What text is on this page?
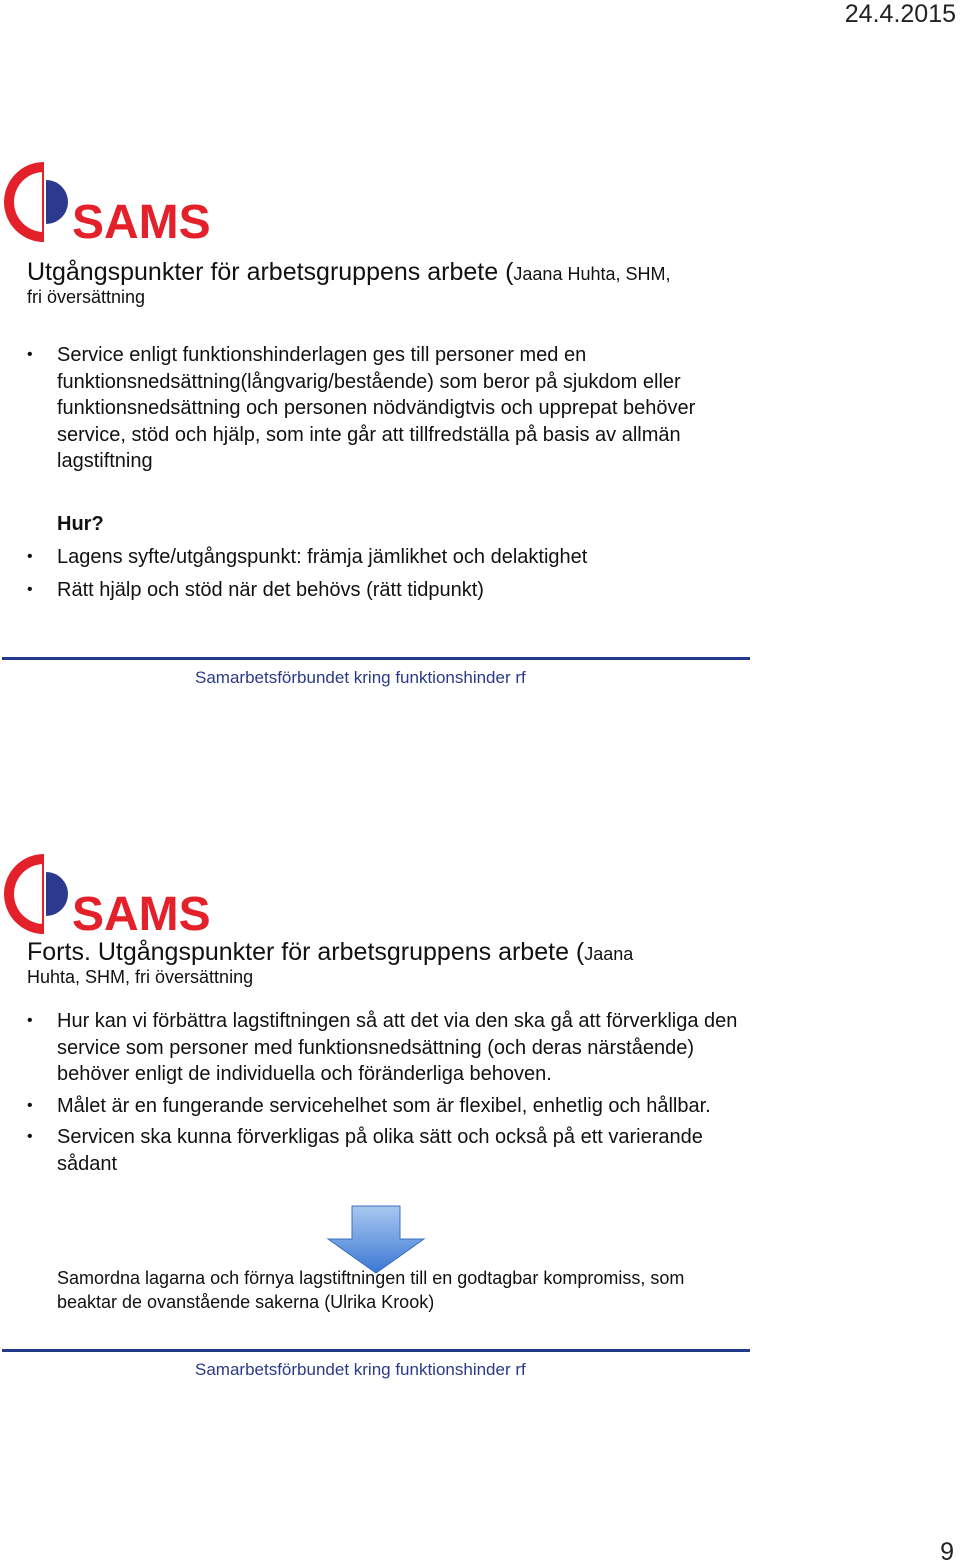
24.4.2015
SAMS
Utgångspunkter för arbetsgruppens arbete (Jaana Huhta, SHM,
fri översättning
• Service enligt funktionshinderlagen ges till personer med en funktionsnedsättning(långvarig/bestående) som beror på sjukdom eller funktionsnedsättning och personen nödvändigtvis och upprepat behöver service, stöd och hjälp, som inte går att tillfredställa på basis av allmän lagstiftning
Hur?
• Lagens syfte/utgångspunkt: främja jämlikhet och delaktighet
• Rätt hjälp och stöd när det behövs (rätt tidpunkt)
Samarbetsförbundet kring funktionshinder rf
SAMS
Forts. Utgångspunkter för arbetsgruppens arbete (Jaana
Huhta, SHM, fri översättning
• Hur kan vi förbättra lagstiftningen så att det via den ska gå att förverkliga den service som personer med funktionsnedsättning (och deras närstående) behöver enligt de individuella och föränderliga behoven.
• Målet är en fungerande servicehelhet som är flexibel, enhetlig och hållbar.
• Servicen ska kunna förverkligas på olika sätt och också på ett varierande sådant
Samordna lagarna och förnya lagstiftningen till en godtagbar kompromiss, som beaktar de ovanstående sakerna (Ulrika Krook)
Samarbetsförbundet kring funktionshinder rf
9
